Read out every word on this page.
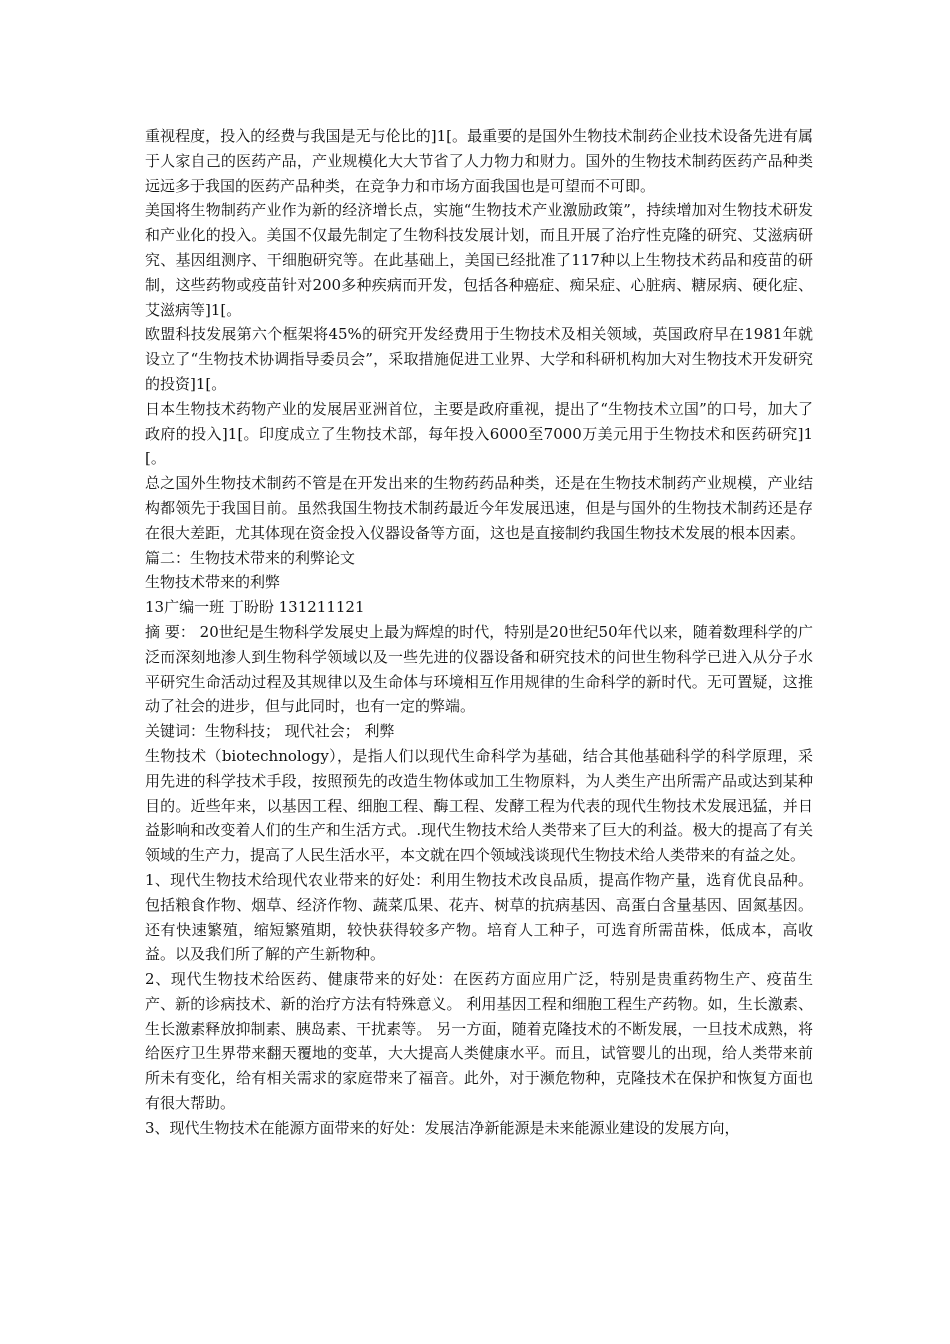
重视程度，投入的经费与我国是无与伦比的]1[。最重要的是国外生物技术制药企业技术设备先进有属于人家自己的医药产品，产业规模化大大节省了人力物力和财力。国外的生物技术制药医药产品种类远远多于我国的医药产品种类，在竞争力和市场方面我国也是可望而不可即。

美国将生物制药产业作为新的经济增长点，实施“生物技术产业激励政策”，持续增加对生物技术研发和产业化的投入。美国不仅最先制定了生物科技发展计划，而且开展了治疗性克隆的研究、艾滋病研究、基因组测序、干细胞研究等。在此基础上，美国已经批准了117种以上生物技术药品和疫苗的研制，这些药物或疫苗针对200多种疾病而开发，包括各种癌症、痴呆症、心脏病、糖尿病、硬化症、艾滋病等]1[。

欧盟科技发展第六个框架将45%的研究开发经费用于生物技术及相关领域，英国政府早在1981年就设立了“生物技术协调指导委员会”，采取措施促进工业界、大学和科研机构加大对生物技术开发研究的投资]1[。

日本生物技术药物产业的发展居亚洲首位，主要是政府重视，提出了“生物技术立国”的口号，加大了政府的投入]1[。印度成立了生物技术部，每年投入6000至7000万美元用于生物技术和医药研究]1[。

总之国外生物技术制药不管是在开发出来的生物药药品种类，还是在生物技术制药产业规模，产业结构都领先于我国目前。虽然我国生物技术制药最近今年发展迅速，但是与国外的生物技术制药还是存在很大差距，尤其体现在资金投入仪器设备等方面，这也是直接制约我国生物技术发展的根本因素。

篇二：生物技术带来的利弊论文

生物技术带来的利弊

13广编一班 丁盼盼 131211121

摘 要： 20世纪是生物科学发展史上最为辉煌的时代，特别是20世纪50年代以来，随着数理科学的广泛而深刻地渗人到生物科学领域以及一些先进的仪器设备和研究技术的问世生物科学已进入从分子水平研究生命活动过程及其规律以及生命体与环境相互作用规律的生命科学的新时代。无可置疑，这推动了社会的进步，但与此同时，也有一定的弊端。

关键词：生物科技； 现代社会； 利弊

生物技术（biotechnology），是指人们以现代生命科学为基础，结合其他基础科学的科学原理，采用先进的科学技术手段，按照预先的改造生物体或加工生物原料，为人类生产出所需产品或达到某种目的。近些年来，以基因工程、细胞工程、酶工程、发酵工程为代表的现代生物技术发展迅猛，并日益影响和改变着人们的生产和生活方式。.现代生物技术给人类带来了巨大的利益。极大的提高了有关领域的生产力，提高了人民生活水平，本文就在四个领域浅谈现代生物技术给人类带来的有益之处。

1、现代生物技术给现代农业带来的好处：利用生物技术改良品质，提高作物产量，选育优良品种。包括粮食作物、烟草、经济作物、蔬菜瓜果、花卉、树草的抗病基因、高蛋白含量基因、固氮基因。还有快速繁殖，缩短繁殖期，较快获得较多产物。培育人工种子，可选育所需苗株，低成本，高收益。以及我们所了解的产生新物种。

2、现代生物技术给医药、健康带来的好处：在医药方面应用广泛，特别是贵重药物生产、疫苗生产、新的诊病技术、新的治疗方法有特殊意义。 利用基因工程和细胞工程生产药物。如，生长激素、生长激素释放抑制素、胰岛素、干扰素等。 另一方面，随着克隆技术的不断发展，一旦技术成熟，将给医疗卫生界带来翻天覆地的变革，大大提高人类健康水平。而且，试管婴儿的出现，给人类带来前所未有变化，给有相关需求的家庭带来了福音。此外，对于濒危物种，克隆技术在保护和恢复方面也有很大帮助。

3、现代生物技术在能源方面带来的好处：发展洁净新能源是未来能源业建设的发展方向，
